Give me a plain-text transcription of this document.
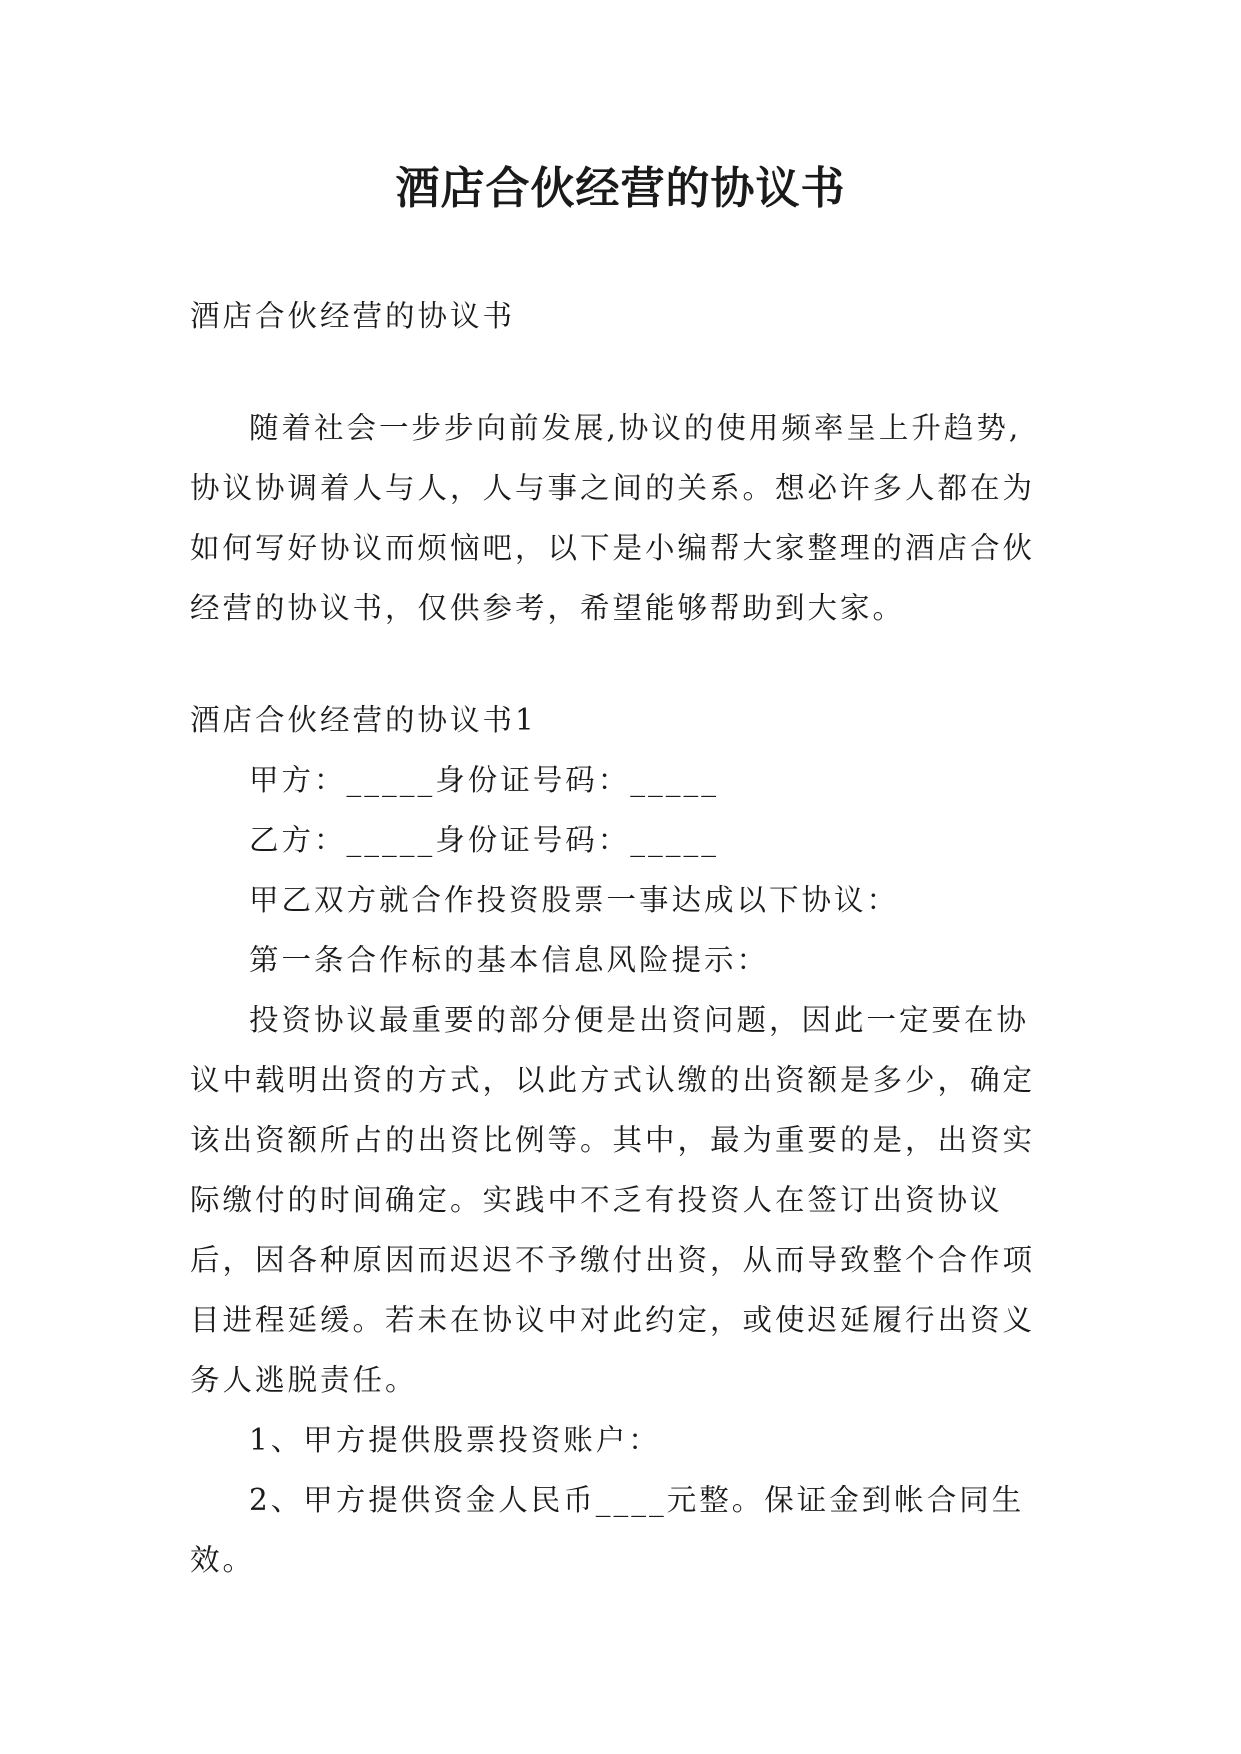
酒店合伙经营的协议书

酒店合伙经营的协议书

随着社会一步步向前发展,协议的使用频率呈上升趋势,协议协调着人与人，人与事之间的关系。想必许多人都在为如何写好协议而烦恼吧，以下是小编帮大家整理的酒店合伙经营的协议书，仅供参考，希望能够帮助到大家。

酒店合伙经营的协议书1

甲方：_____身份证号码：_____

乙方：_____身份证号码：_____

甲乙双方就合作投资股票一事达成以下协议：

第一条合作标的基本信息风险提示：

投资协议最重要的部分便是出资问题，因此一定要在协议中载明出资的方式，以此方式认缴的出资额是多少，确定该出资额所占的出资比例等。其中，最为重要的是，出资实际缴付的时间确定。实践中不乏有投资人在签订出资协议后，因各种原因而迟迟不予缴付出资，从而导致整个合作项目进程延缓。若未在协议中对此约定，或使迟延履行出资义务人逃脱责任。

1、甲方提供股票投资账户：

2、甲方提供资金人民币____元整。保证金到帐合同生效。
